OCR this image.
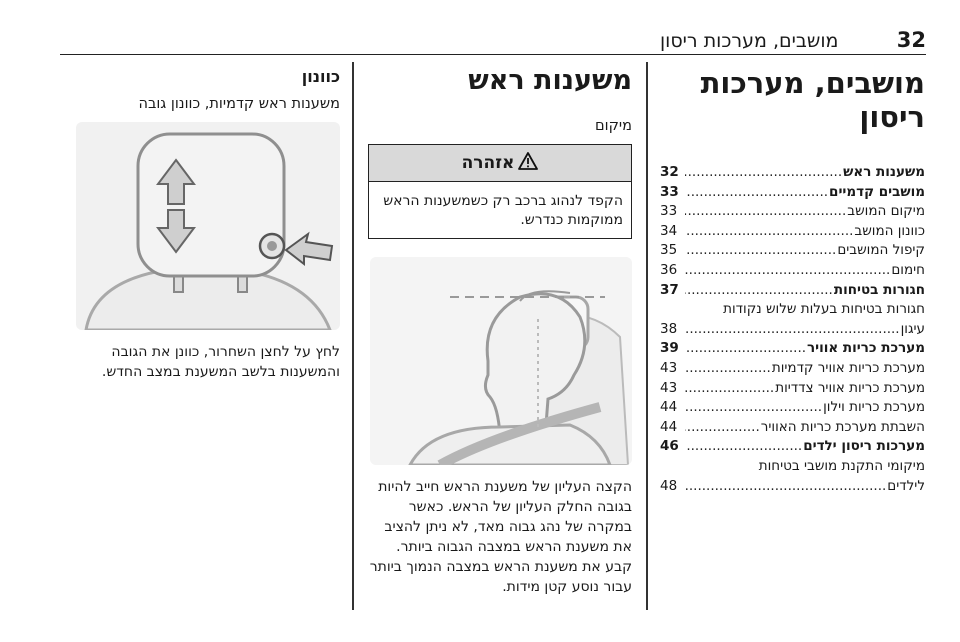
מושבים, מערכות ריסון	32
מושבים, מערכות ריסון
משענות ראש
.....
32
מושבים קדמיים
.....
33
מיקום המושב
.....
33
כוונון המושב
.....
34
קיפול המושבים
.....
35
חימום
.....
36
חגורות בטיחות
.....
37
חגורות בטיחות בעלות שלוש נקודות
עיגון
.....
38
מערכת כריות אוויר
.....
39
מערכת כריות אוויר קדמיות
.....
43
מערכת כריות אוויר צדדיות
.....
43
מערכת כריות וילון
.....
44
השבתת מערכת כריות האוויר
.....
44
מערכות ריסון ילדים
.....
46
מיקומי התקנת מושבי בטיחות
לילדים
.....
48
משענות ראש
מיקום
אזהרה
הקפד לנהוג ברכב רק כשמשענות הראש ממוקמות כנדרש.

הקצה העליון של משענת הראש חייב להיות בגובה החלק העליון של הראש. כאשר במקרה של נהג גבוה מאד, לא ניתן להציב את משענת הראש במצבה הגבוה ביותר. קבע את משענת הראש במצבה הנמוך ביותר עבור נוסע קטן מידות.

כוונון
משענות ראש קדמיות, כוונון גובה

לחץ על לחצן השחרור, כוונן את הגובה והמשענות בלשב המשענת במצב החדש.
